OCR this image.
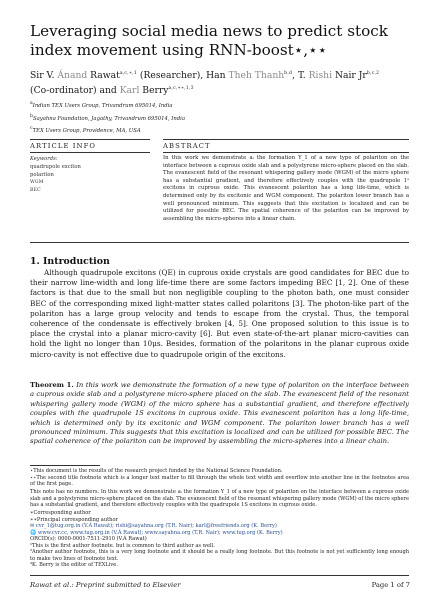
Leveraging social media news to predict stock index movement using RNN-boost⋆,⋆⋆
Sir V. Ánand Rawat$^{a,c,∗,1}$ (Researcher), Han Theh Thanh$^{b,d}$, T. Rishi Nair Jr$^{b,c,2}$
(Co-ordinator) and Karl Berry$^{a,c,∗∗,1,3}$
$^a$Indian TEX Users Group, Trivandrum 695014, India
$^b$Sayahna Foundation, Jagathy, Trivandrum 695014, India
$^c$TEX Users Group, Providence, MA, USA
ARTICLE INFO	ABSTRACT
Keywords:
quadrupole exciton
polariton
WGM
BEC
In this work we demonstrate aᵢ the formation Y_1 of a new type of polariton on the interface between a cuprous oxide slab and a polystyrene micro-sphere placed on the slab. The evanescent field of the resonant whispering gallery mode (WGM) of the micro sphere has a substantial gradient, and therefore effectively couples with the quadrupole 1ˢ excitons in cuprous oxide. This evanescent polariton has a long life-time, which is determined only by its excitonic and WGM component. The polariton lower branch has a well pronounced minimum. This suggests that this excitation is localized and can be utilized for possible BEC. The spatial coherence of the polariton can be improved by assembling the micro-spheres into a linear chain.
1. Introduction
Although quadrupole excitons (QE) in cuprous oxide crystals are good candidates for BEC due to their narrow line-width and long life-time there are some factors impeding BEC [1, 2]. One of these factors is that due to the small but non negligible coupling to the photon bath, one must consider BEC of the corresponding mixed light-matter states called polaritons [3]. The photon-like part of the polariton has a large group velocity and tends to escape from the crystal. Thus, the temporal coherence of the condensate is effectively broken [4, 5]. One proposed solution to this issue is to place the crystal into a planar micro-cavity [6]. But even state-of-the-art planar micro-cavities can hold the light no longer than 10μs. Besides, formation of the polaritons in the planar cuprous oxide micro-cavity is not effective due to quadrupole origin of the excitons.
Theorem 1. In this work we demonstrate the formation of a new type of polariton on the interface between a cuprous oxide slab and a polystyrene micro-sphere placed on the slab. The evanescent field of the resonant whispering gallery mode (WGM) of the micro sphere has a substantial gradient, and therefore effectively couples with the quadrupole 1S excitons in cuprous oxide. This evanescent polariton has a long life-time, which is determined only by its excitonic and WGM component. The polariton lower branch has a well pronounced minimum. This suggests that this excitation is localized and can be utilized for possible BEC. The spatial coherence of the polariton can be improved by assembling the micro-spheres into a linear chain.
⋆This document is the results of the research project funded by the National Science Foundation.
⋆⋆The second title footnote which is a longer text matter to fill through the whole text width and overflow into another line in the footnotes area of the first page.
This note has no numbers. In this work we demonstrate aᵢ the formation Y_1 of a new type of polariton on the interface between a cuprous oxide slab and a polystyrene micro-sphere placed on the slab. The evanescent field of the resonant whispering gallery mode (WGM) of the micro sphere has a substantial gradient, and therefore effectively couples with the quadrupole 1S excitons in cuprous oxide.
∗Corresponding author
∗∗Principal corresponding author
✉ cvr_1@tug.org.in (V.Á Rawat); rishi@sayahna.org (T.R. Nair); karl@freefriends.org (K. Berry)
🌐 www.cvr.cc, www.tug.org.in (V.Á Rawat); www.sayahna.org (T.R. Nair); www.tug.org (K. Berry)
ORCID(s): 0000-0001-7511-2910 (V.Á Rawat)
¹This is the first author footnote. but is common to third author as well.
²Another author footnote, this is a very long footnote and it should be a really long footnote. But this footnote is not yet sufficiently long enough to make two lines of footnote text.
³K. Berry is the editor of TEXLive.
Rawat et al.: Preprint submitted to Elsevier	Page 1 of 7
